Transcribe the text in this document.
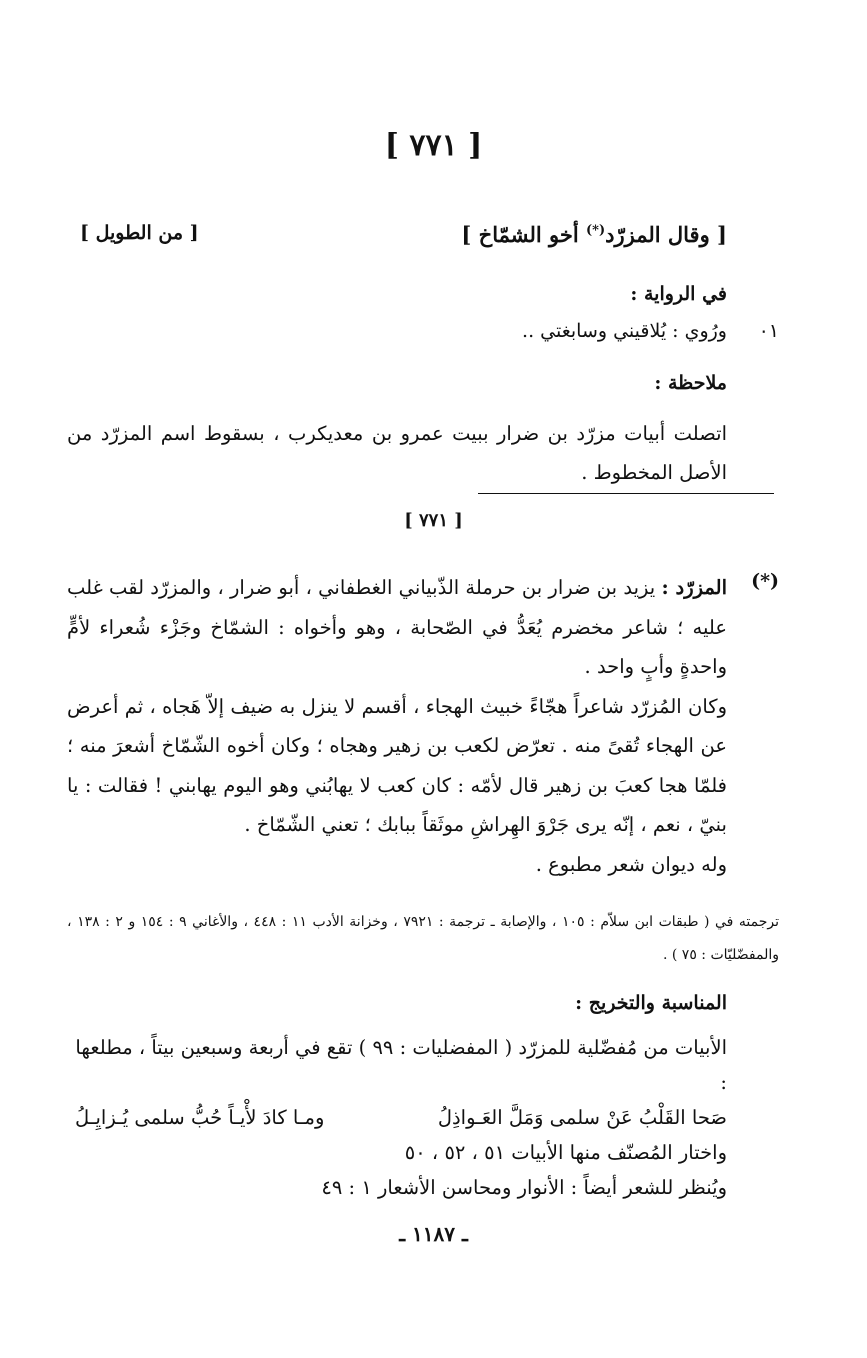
[ ٧٧١ ]
[ وقال المزرّد(*) أخو الشمّاخ ]
[ من الطويل ]
في الرواية :
٠١
ورُوي : يُلاقيني وسابغتي ..
ملاحظة :
اتصلت أبيات مزرّد بن ضرار ببيت عمرو بن معديكرب ، بسقوط اسم المزرّد من الأصل المخطوط .
[ ٧٧١ ]
(*)

المزرّد : يزيد بن ضرار بن حرملة الذّبياني الغطفاني ، أبو ضرار ، والمزرّد لقب غلب عليه ؛ شاعر مخضرم يُعَدُّ في الصّحابة ، وهو وأخواه : الشمّاخ وجَزْء شُعراء لأمٍّ واحدةٍ وأبٍ واحد .

وكان المُزرّد شاعراً هجّاءً خبيث الهجاء ، أقسم لا ينزل به ضيف إلاّ هَجاه ، ثم أعرض عن الهجاء تُقىً منه . تعرّض لكعب بن زهير وهجاه ؛ وكان أخوه الشّمّاخ أشعرَ منه ؛ فلمّا هجا كعبَ بن زهير قال لأمّه : كان كعب لا يهابُني وهو اليوم يهابني ! فقالت : يا بنيّ ، نعم ، إنّه يرى جَرْوَ الهِراشِ موثَقاً ببابك ؛ تعني الشّمّاخ .

وله ديوان شعر مطبوع .

ترجمته في ( طبقات ابن سلاّم : ١٠٥ ، والإصابة ـ ترجمة : ٧٩٢١ ، وخزانة الأدب ١١ : ٤٤٨ ، والأغاني ٩ : ١٥٤ و ٢ : ١٣٨ ، والمفضّليّات : ٧٥ ) .
المناسبة والتخريج :

الأبيات من مُفضّلية للمزرّد ( المفضليات : ٩٩ ) تقع في أربعة وسبعين بيتاً ، مطلعها :

صَحا القَلْبُ عَنْ سلمى وَمَلَّ العَـواذِلُ
ومـا كادَ لأْيـاً حُبُّ سلمى يُـزايِـلُ

واختار المُصنّف منها الأبيات ٥١ ، ٥٢ ، ٥٠

ويُنظر للشعر أيضاً : الأنوار ومحاسن الأشعار ١ : ٤٩

ـ ١١٨٧ ـ
